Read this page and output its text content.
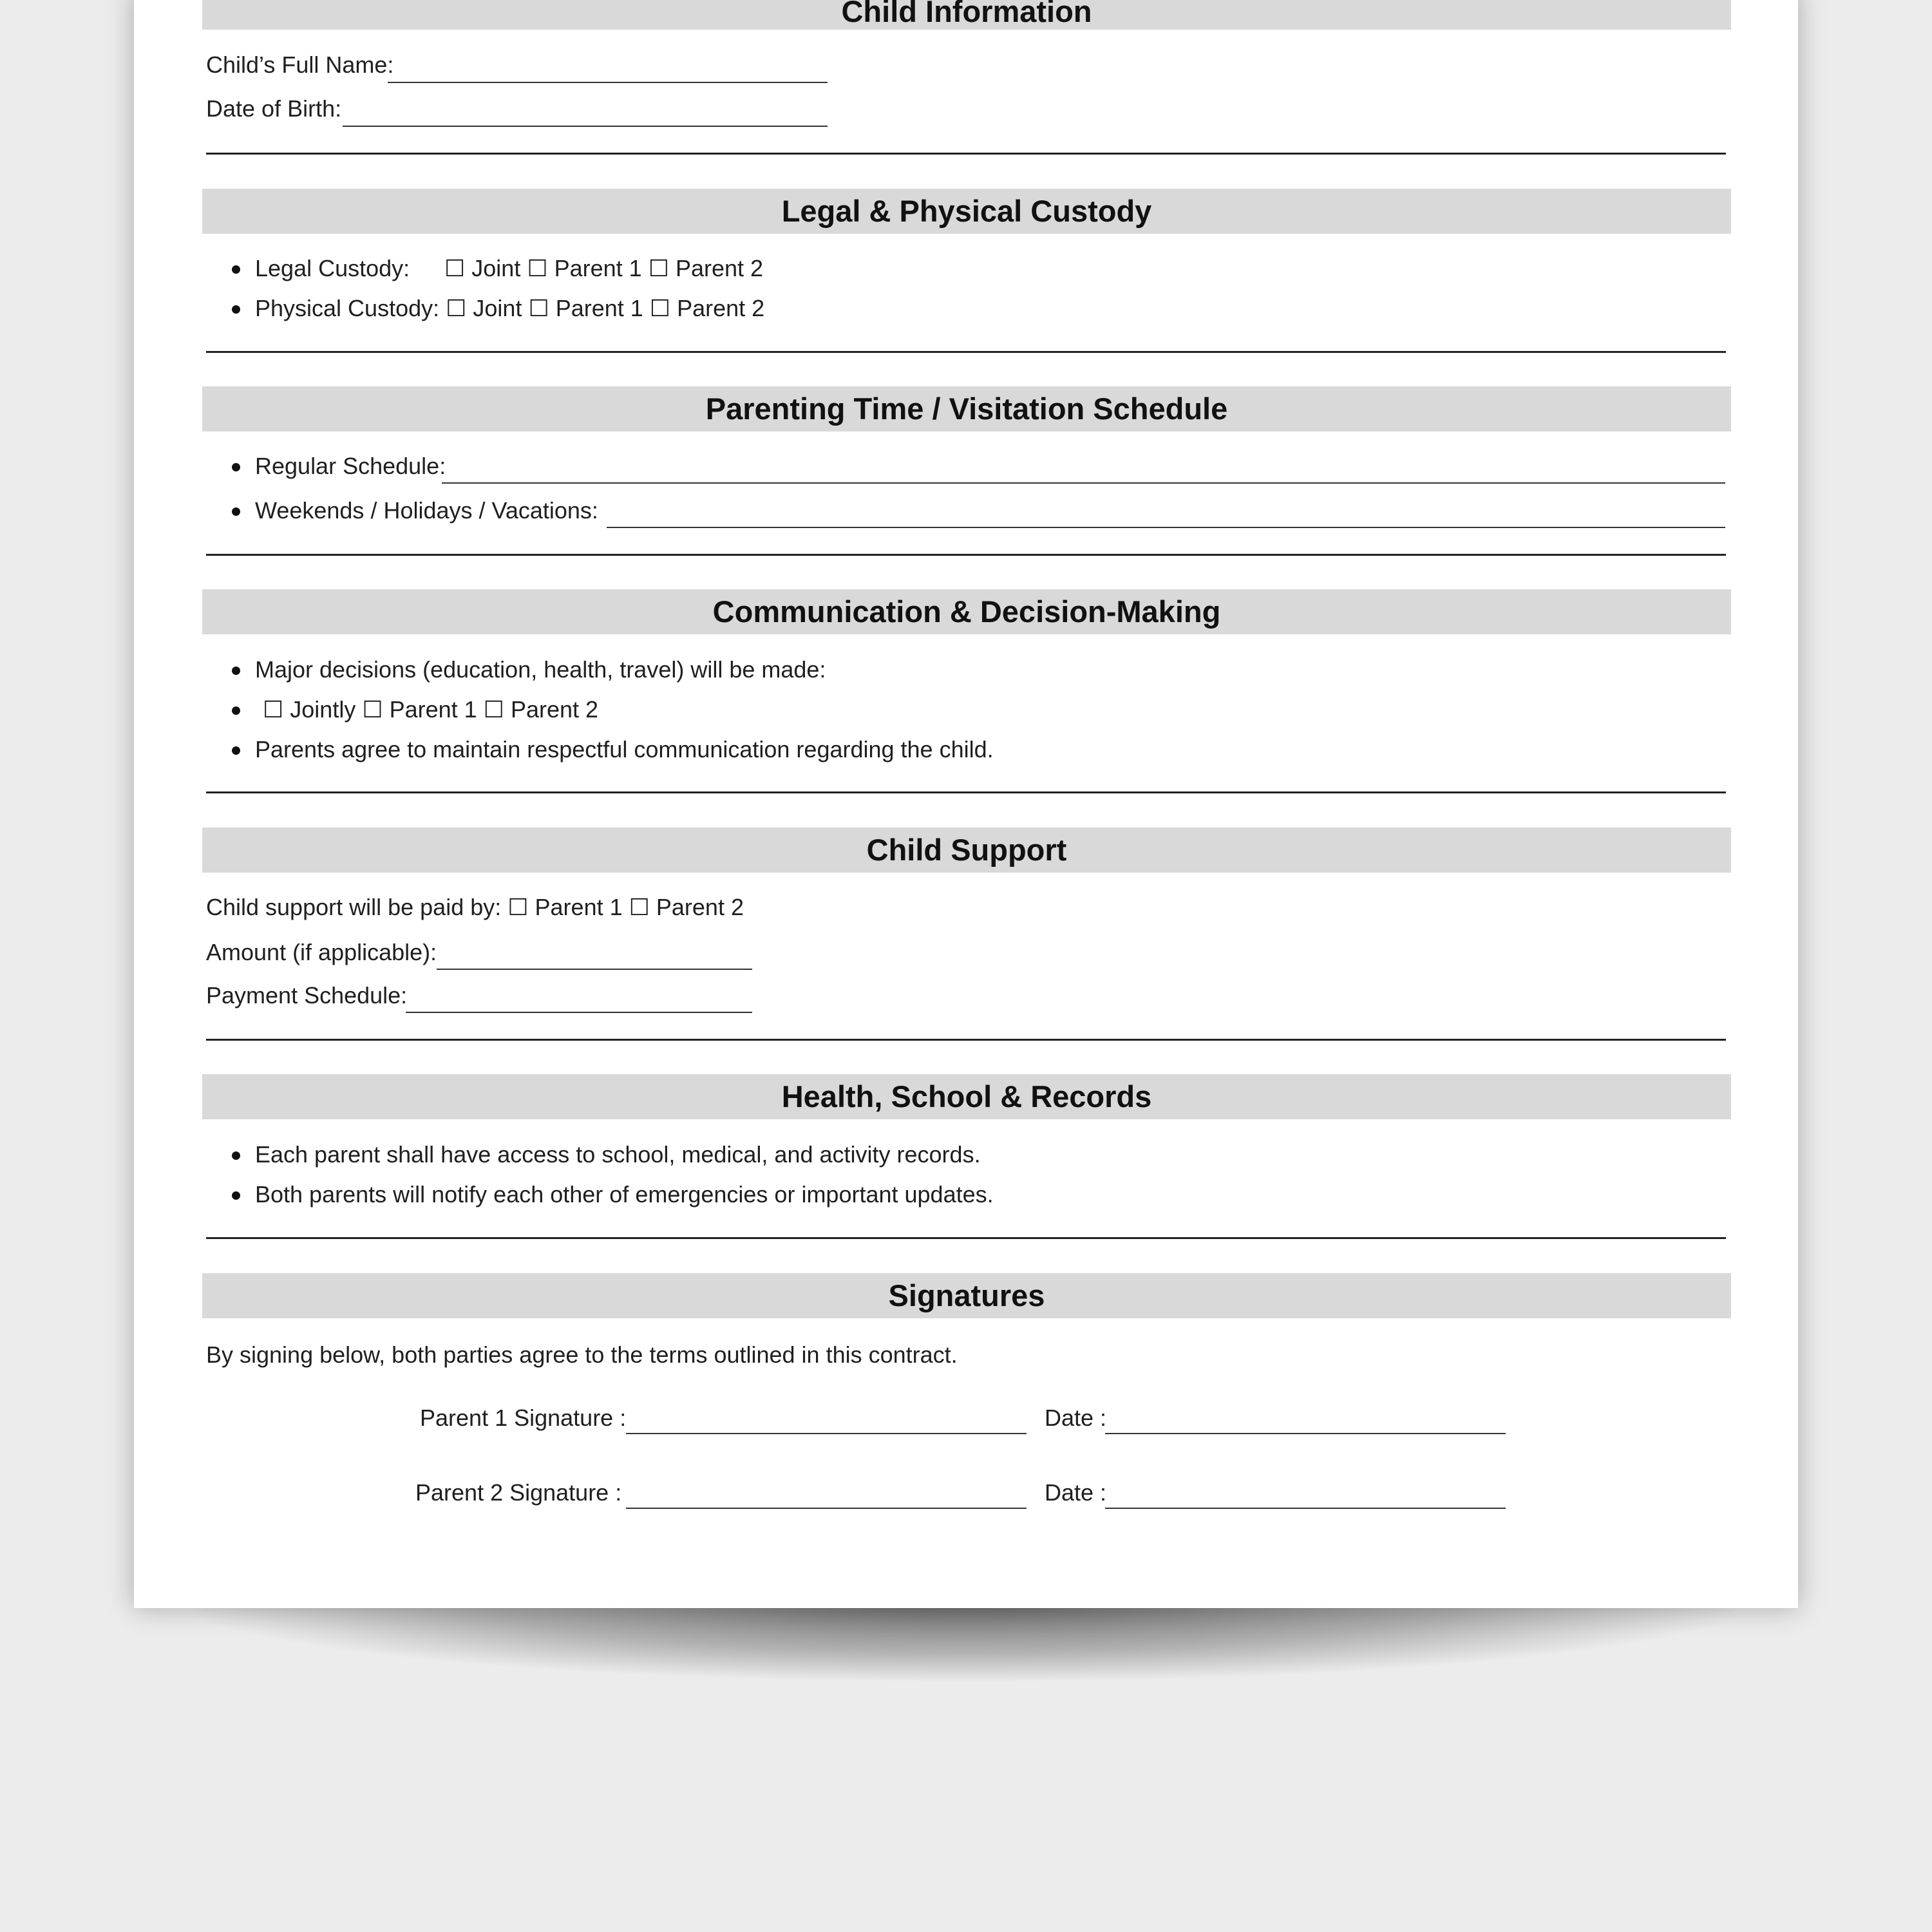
Child Information
Child’s Full Name:
Date of Birth:
Legal & Physical Custody
Legal Custody: ☐ Joint ☐ Parent 1 ☐ Parent 2
Physical Custody: ☐ Joint ☐ Parent 1 ☐ Parent 2
Parenting Time / Visitation Schedule
Regular Schedule:
Weekends / Holidays / Vacations:
Communication & Decision-Making
Major decisions (education, health, travel) will be made:
☐ Jointly ☐ Parent 1 ☐ Parent 2
Parents agree to maintain respectful communication regarding the child.
Child Support
Child support will be paid by: ☐ Parent 1 ☐ Parent 2
Amount (if applicable):
Payment Schedule:
Health, School & Records
Each parent shall have access to school, medical, and activity records.
Both parents will notify each other of emergencies or important updates.
Signatures
By signing below, both parties agree to the terms outlined in this contract.
Parent 1 Signature :	Date :
Parent 2 Signature :	Date :
